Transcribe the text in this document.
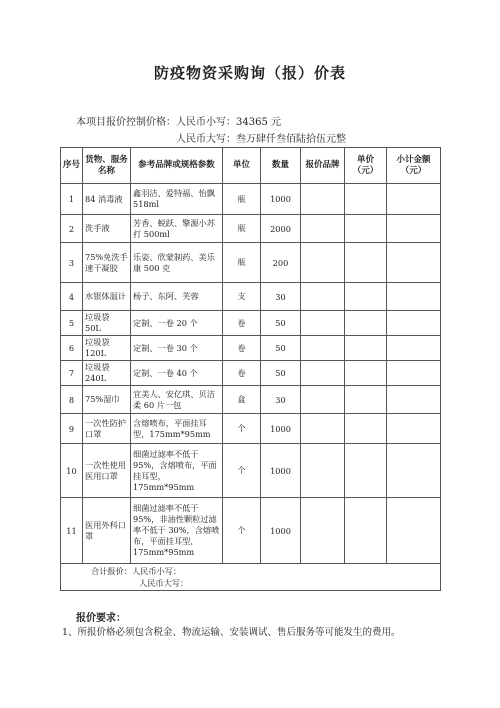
防疫物资采购询（报）价表
本项目报价控制价格：人民币小写：34365 元
人民币大写：叁万肆仟叁佰陆拾伍元整
序号	货物、服务名称	参考品牌或规格参数	单位	数量	报价品牌	单价（元）	小计金额（元）
1	84 消毒液	鑫羽洁、爱特福、怡飘 518ml	瓶	1000			
2	洗手液	芳香、蜕跃、擎源小苏打 500ml	瓶	2000			
3	75%免洗手速干凝胶	乐姿、欣蒙制药、美乐康 500 克	瓶	200			
4	水银体温计	杨子、东阿、芙蓉	支	30			
5	垃圾袋 50L	定制、一卷 20 个	卷	50			
6	垃圾袋 120L	定制、一卷 30 个	卷	50			
7	垃圾袋 240L	定制、一卷 40 个	卷	50			
8	75%湿巾	宜美人、安亿琪、贝洁柔 60 片一包	盒	30			
9	一次性防护口罩	含熔喷布，平面挂耳型，175mm*95mm	个	1000			
10	一次性使用医用口罩	细菌过滤率不低于 95%，含熔喷布，平面挂耳型，175mm*95mm	个	1000			
11	医用外科口罩	细菌过滤率不低于 95%，非油性颗粒过滤率不低于 30%，含熔喷布，平面挂耳型，175mm*95mm	个	1000			

合计报价：人民币小写：
人民币大写：							
报价要求：
1、所报价格必须包含税金、物流运输、安装调试、售后服务等可能发生的费用。
